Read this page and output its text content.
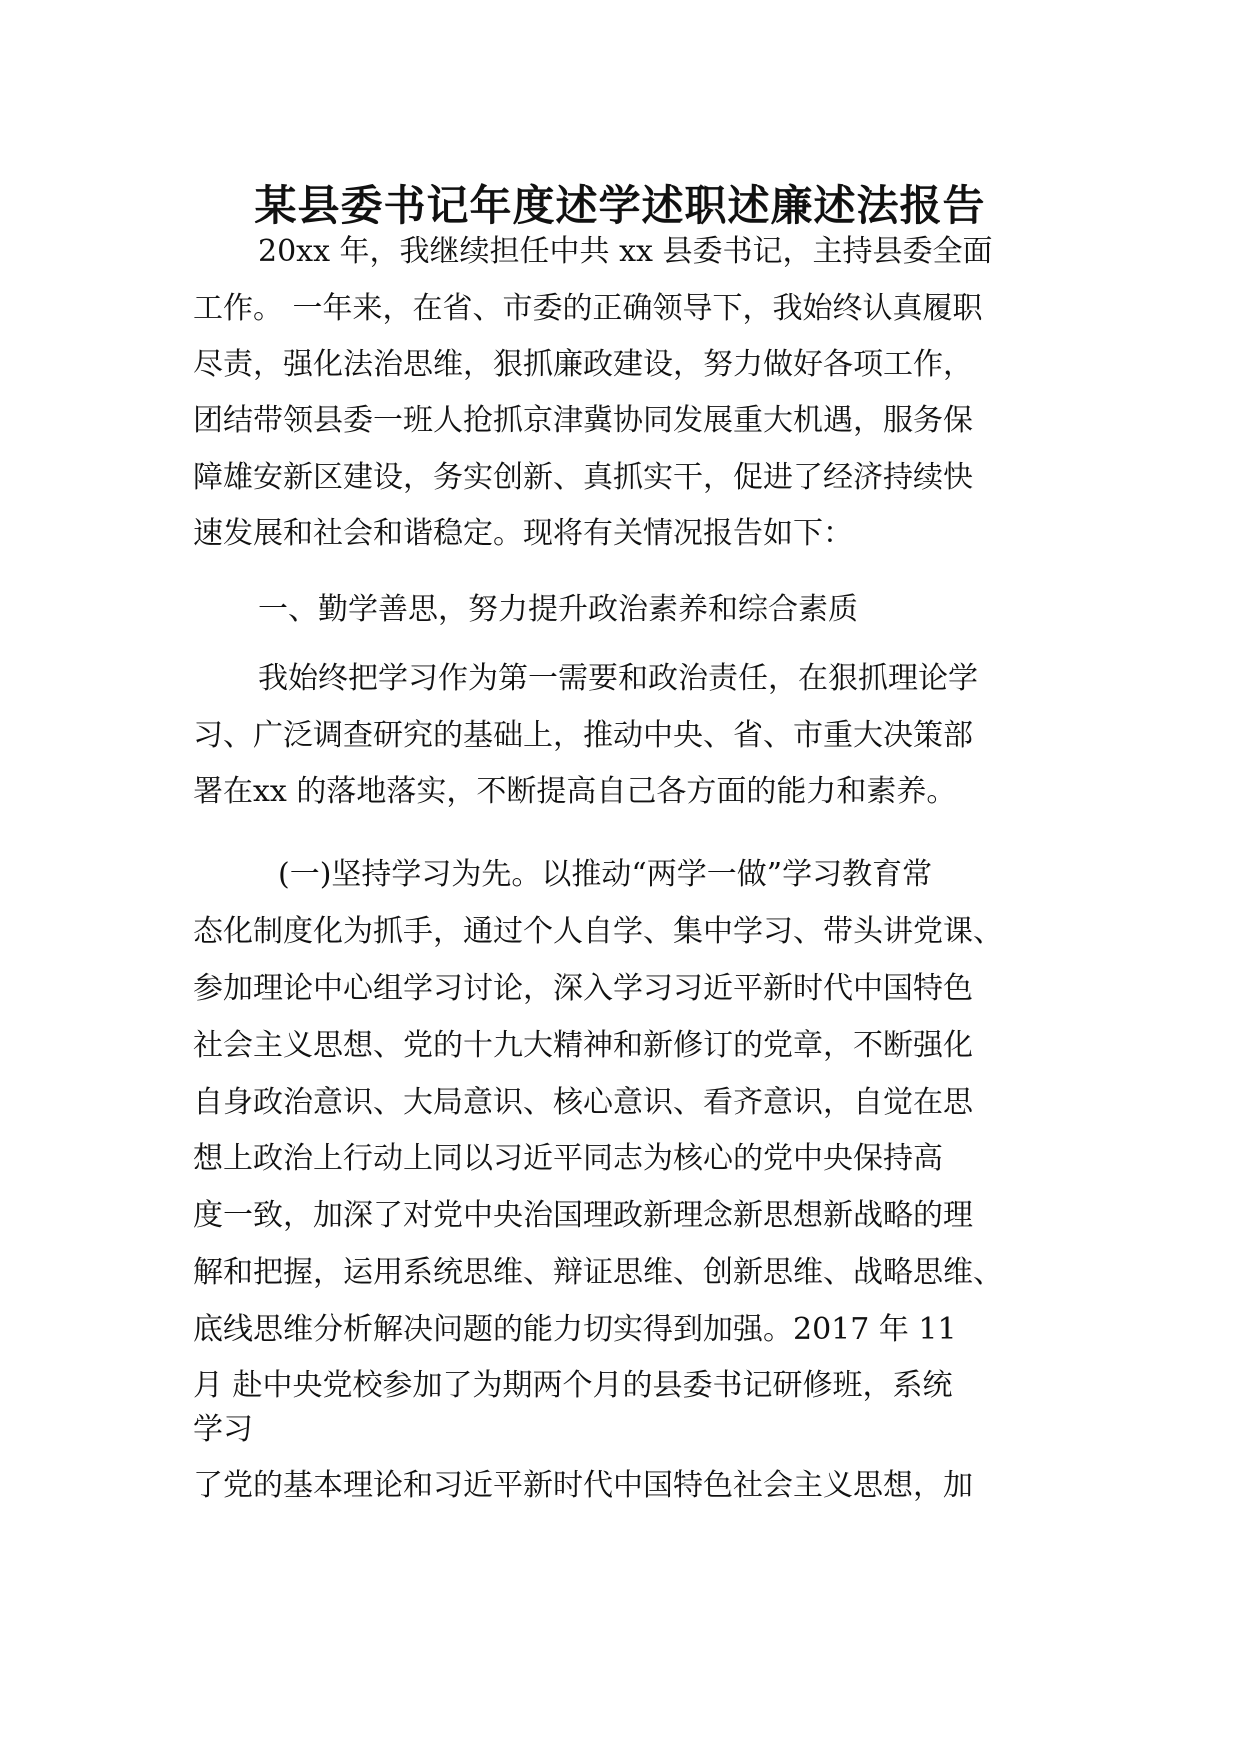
某县委书记年度述学述职述廉述法报告

20xx 年，我继续担任中共 xx 县委书记，主持县委全面

工作。 一年来，在省、市委的正确领导下，我始终认真履职

尽责，强化法治思维，狠抓廉政建设，努力做好各项工作，

团结带领县委一班人抢抓京津冀协同发展重大机遇，服务保

障雄安新区建设，务实创新、真抓实干，促进了经济持续快

速发展和社会和谐稳定。现将有关情况报告如下：

一、勤学善思，努力提升政治素养和综合素质

我始终把学习作为第一需要和政治责任，在狠抓理论学

习、广泛调查研究的基础上，推动中央、省、市重大决策部

署在xx 的落地落实，不断提高自己各方面的能力和素养。

(一)坚持学习为先。以推动“两学一做”学习教育常

态化制度化为抓手，通过个人自学、集中学习、带头讲党课、

参加理论中心组学习讨论，深入学习习近平新时代中国特色

社会主义思想、党的十九大精神和新修订的党章，不断强化

自身政治意识、大局意识、核心意识、看齐意识，自觉在思

想上政治上行动上同以习近平同志为核心的党中央保持高

度一致，加深了对党中央治国理政新理念新思想新战略的理

解和把握，运用系统思维、辩证思维、创新思维、战略思维、

底线思维分析解决问题的能力切实得到加强。2017 年 11

月 赴中央党校参加了为期两个月的县委书记研修班，系统

学习

了党的基本理论和习近平新时代中国特色社会主义思想，加
